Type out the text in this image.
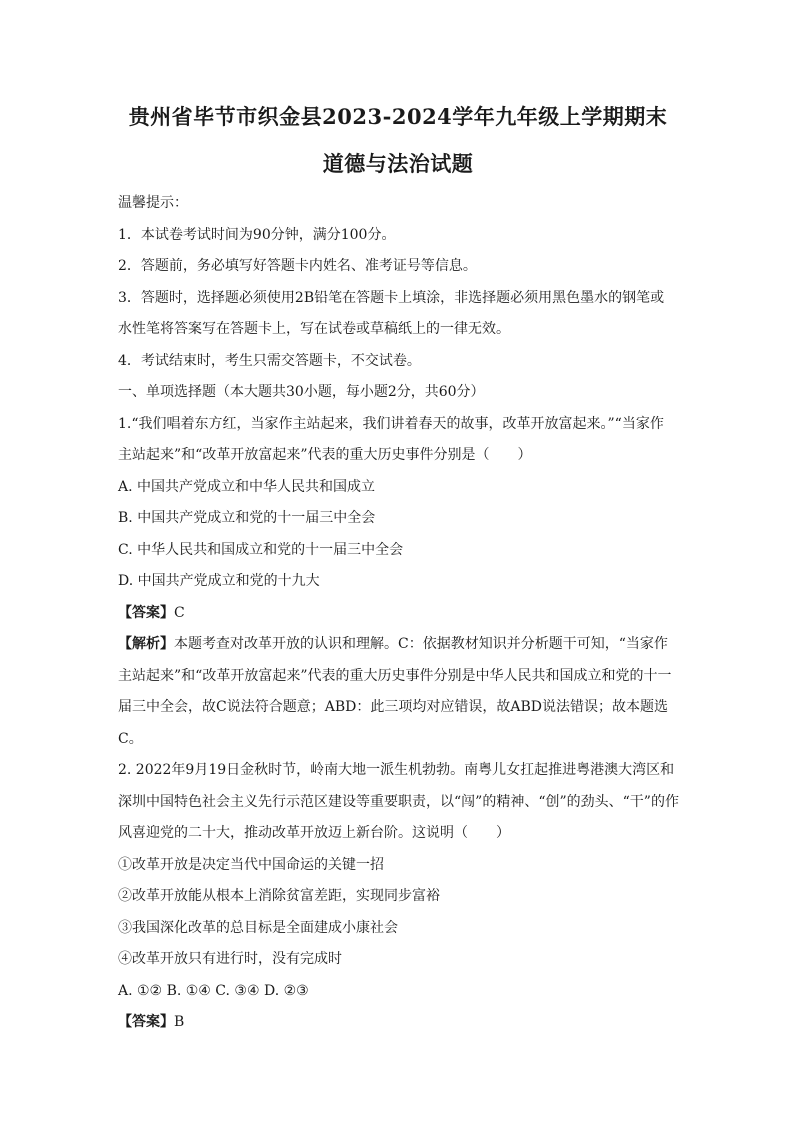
贵州省毕节市织金县2023-2024学年九年级上学期期末
道德与法治试题

温馨提示：

1．本试卷考试时间为90分钟，满分100分。

2．答题前，务必填写好答题卡内姓名、准考证号等信息。

3．答题时，选择题必须使用2B铅笔在答题卡上填涂，非选择题必须用黑色墨水的钢笔或

水性笔将答案写在答题卡上，写在试卷或草稿纸上的一律无效。

4．考试结束时，考生只需交答题卡，不交试卷。

一、单项选择题（本大题共30小题，每小题2分，共60分）

1.“我们唱着东方红，当家作主站起来，我们讲着春天的故事，改革开放富起来。”“当家作

主站起来”和“改革开放富起来”代表的重大历史事件分别是（　　）

A. 中国共产党成立和中华人民共和国成立

B. 中国共产党成立和党的十一届三中全会

C. 中华人民共和国成立和党的十一届三中全会

D. 中国共产党成立和党的十九大

【答案】C

【解析】本题考查对改革开放的认识和理解。C：依据教材知识并分析题干可知，“当家作

主站起来”和“改革开放富起来”代表的重大历史事件分别是中华人民共和国成立和党的十一

届三中全会，故C说法符合题意；ABD：此三项均对应错误，故ABD说法错误；故本题选

C。

2. 2022年9月19日金秋时节，岭南大地一派生机勃勃。南粤儿女扛起推进粤港澳大湾区和

深圳中国特色社会主义先行示范区建设等重要职责，以“闯”的精神、“创”的劲头、“干”的作

风喜迎党的二十大，推动改革开放迈上新台阶。这说明（　　）

①改革开放是决定当代中国命运的关键一招

②改革开放能从根本上消除贫富差距，实现同步富裕

③我国深化改革的总目标是全面建成小康社会

④改革开放只有进行时，没有完成时

A. ①② B. ①④ C. ③④ D. ②③

【答案】B
